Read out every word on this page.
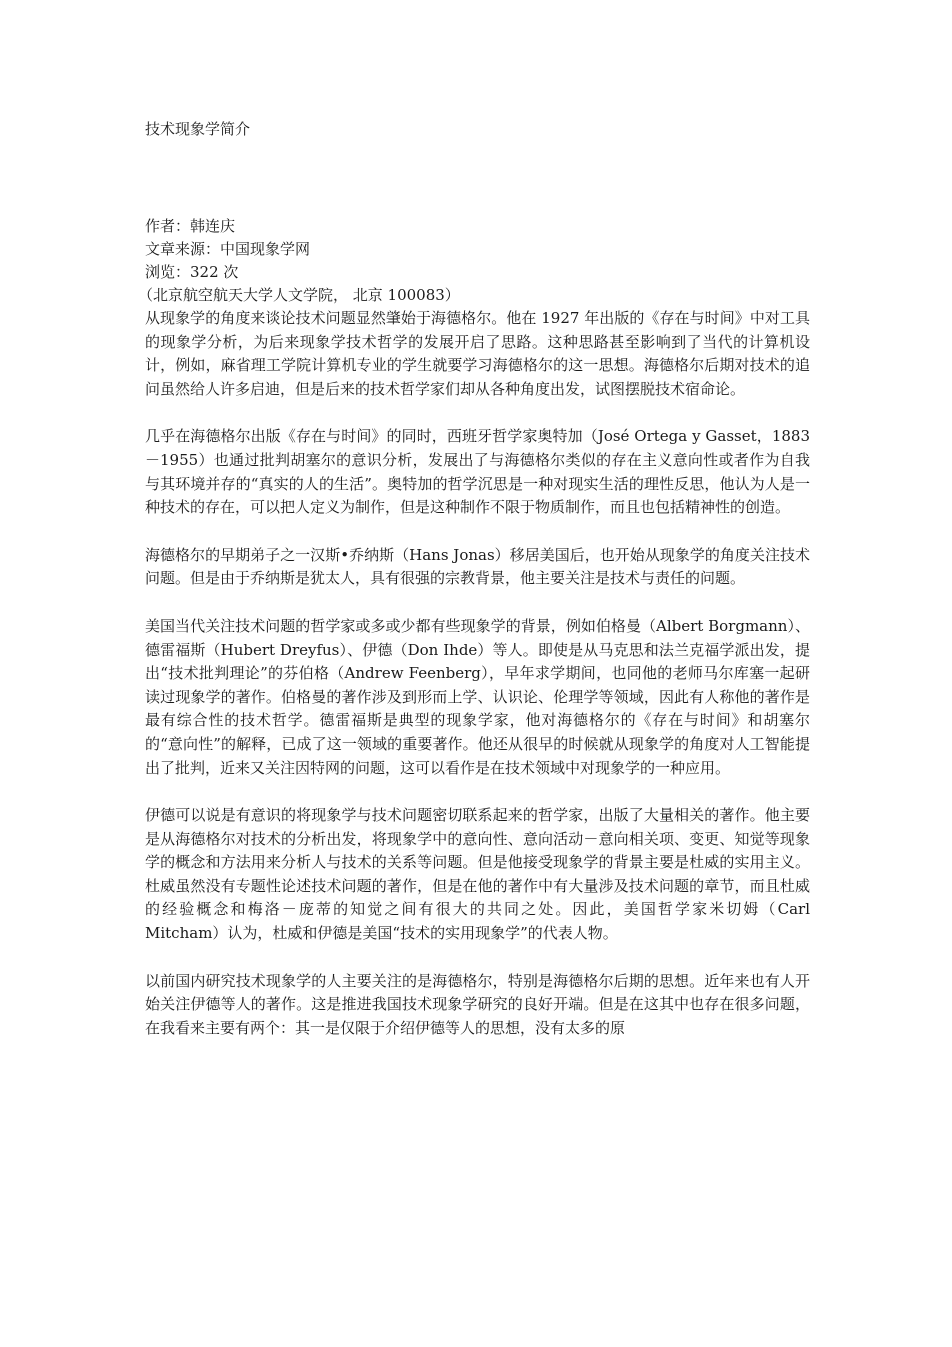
技术现象学简介
作者：韩连庆
文章来源：中国现象学网
浏览：322 次
（北京航空航天大学人文学院， 北京 100083）

从现象学的角度来谈论技术问题显然肇始于海德格尔。他在 1927 年出版的《存在与时间》中对工具的现象学分析，为后来现象学技术哲学的发展开启了思路。这种思路甚至影响到了当代的计算机设计，例如，麻省理工学院计算机专业的学生就要学习海德格尔的这一思想。海德格尔后期对技术的追问虽然给人许多启迪，但是后来的技术哲学家们却从各种角度出发，试图摆脱技术宿命论。

几乎在海德格尔出版《存在与时间》的同时，西班牙哲学家奥特加（José Ortega y Gasset，1883－1955）也通过批判胡塞尔的意识分析，发展出了与海德格尔类似的存在主义意向性或者作为自我与其环境并存的“真实的人的生活”。奥特加的哲学沉思是一种对现实生活的理性反思，他认为人是一种技术的存在，可以把人定义为制作，但是这种制作不限于物质制作，而且也包括精神性的创造。

海德格尔的早期弟子之一汉斯•乔纳斯（Hans Jonas）移居美国后，也开始从现象学的角度关注技术问题。但是由于乔纳斯是犹太人，具有很强的宗教背景，他主要关注是技术与责任的问题。

美国当代关注技术问题的哲学家或多或少都有些现象学的背景，例如伯格曼（Albert Borgmann）、德雷福斯（Hubert Dreyfus）、伊德（Don Ihde）等人。即使是从马克思和法兰克福学派出发，提出“技术批判理论”的芬伯格（Andrew Feenberg），早年求学期间，也同他的老师马尔库塞一起研读过现象学的著作。伯格曼的著作涉及到形而上学、认识论、伦理学等领域，因此有人称他的著作是最有综合性的技术哲学。德雷福斯是典型的现象学家，他对海德格尔的《存在与时间》和胡塞尔的“意向性”的解释，已成了这一领域的重要著作。他还从很早的时候就从现象学的角度对人工智能提出了批判，近来又关注因特网的问题，这可以看作是在技术领域中对现象学的一种应用。

伊德可以说是有意识的将现象学与技术问题密切联系起来的哲学家，出版了大量相关的著作。他主要是从海德格尔对技术的分析出发，将现象学中的意向性、意向活动－意向相关项、变更、知觉等现象学的概念和方法用来分析人与技术的关系等问题。但是他接受现象学的背景主要是杜威的实用主义。杜威虽然没有专题性论述技术问题的著作，但是在他的著作中有大量涉及技术问题的章节，而且杜威的经验概念和梅洛－庞蒂的知觉之间有很大的共同之处。因此，美国哲学家米切姆（Carl Mitcham）认为，杜威和伊德是美国“技术的实用现象学”的代表人物。

以前国内研究技术现象学的人主要关注的是海德格尔，特别是海德格尔后期的思想。近年来也有人开始关注伊德等人的著作。这是推进我国技术现象学研究的良好开端。但是在这其中也存在很多问题，在我看来主要有两个：其一是仅限于介绍伊德等人的思想，没有太多的原
